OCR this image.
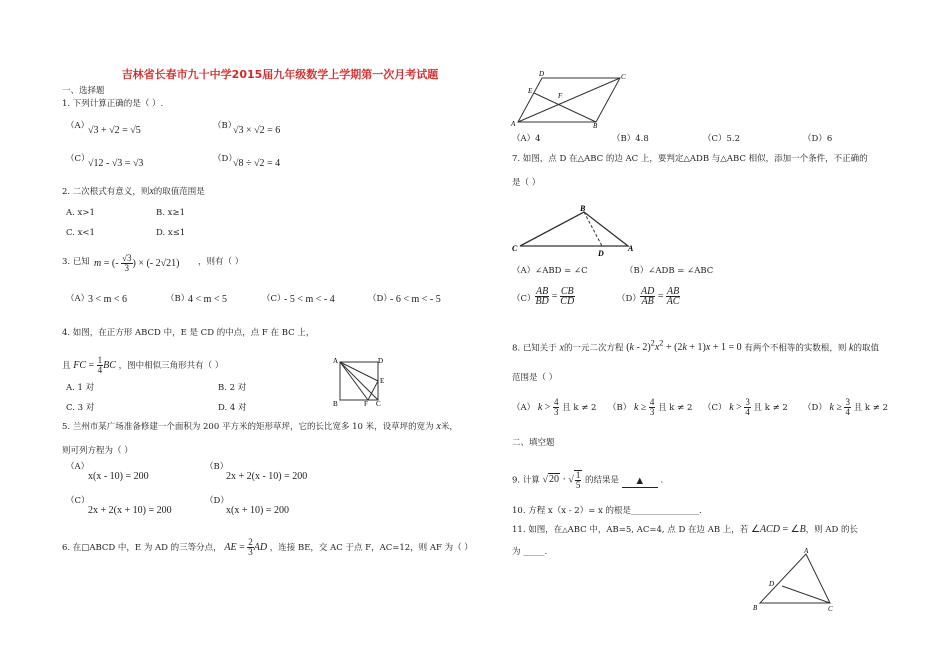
吉林省长春市九十中学2015届九年级数学上学期第一次月考试题
一、选择题
1. 下列计算正确的是（ ）.
（A）
√3 + √2 = √5	（B）
√3 × √2 = 6
（C）
√12 - √3 = √3	（D）
√8 ÷ √2 = 4
2. 二次根式有意义，则x的取值范围是
A. x>1	B. x≥1
C. x<1	D. x≤1
3. 已知 m = (- $\frac{√3}{3}$ ) × (- 2√21) ，则有（ ）
（A）
3 < m < 6	（B）
4 < m < 5	（C）
- 5 < m < - 4	（D）
- 6 < m < - 5
4. 如图，在正方形 ABCD 中，E 是 CD 的中点，点 F 在 BC 上，
且 FC = $\frac{1}{4}$ BC ，图中相似三角形共有（ ）
A. 1 对	B. 2 对
C. 3 对	D. 4 对
A	D
E
B	F C
5. 兰州市某广场准备修建一个面积为 200 平方米的矩形草坪，它的长比宽多 10 米，设草坪的宽为 x米，
则可列方程为（ ）
（A）
x(x - 10) = 200
（B）
2x + 2(x - 10) = 200
（C）
2x + 2(x + 10) = 200
（D）
x(x + 10) = 200
6. 在□ABCD 中，E 为 AD 的三等分点， AE = $\frac{2}{3}$ AD ，连接 BE，交 AC 于点 F，AC=12，则 AF 为（ ）
D	C
E
F
A	B
（A）4	（B）4.8	（C）5.2	（D）6
7. 如图，点 D 在△ABC 的边 AC 上，要判定△ADB 与△ABC 相似，添加一个条件，不正确的
是（ ）
B
C
D
A
（A）∠ABD = ∠C	（B）∠ADB = ∠ABC
$(C) \frac{AB}{BD} = \frac{CB}{CD}$	$(D) \frac{AD}{AB} = \frac{AB}{AC}$
8. 已知关于 x的一元二次方程 $(k - 2)^2x^2 + (2k + 1)x + 1 = 0$ 有两个不相等的实数根，则 k的取值
范围是（ ）
（A） $k > \frac{4}{3}$ 且 k ≠ 2 （B） $k \ge \frac{4}{3}$ 且 k ≠ 2 （C） $k > \frac{3}{4}$ 且 k ≠ 2 （D） $k \ge \frac{3}{4}$ 且 k ≠ 2
二、填空题
9. 计算 √20 · √ $\frac{1}{5}$ 的结果是 ▲ .
10. 方程 x（x - 2）= x 的根是________________.
11. 如图，在△ABC 中，AB=5, AC=4, 点 D 在边 AB 上，若 ∠ACD = ∠B，则 AD 的长
为 _____.	A
D
B	C
